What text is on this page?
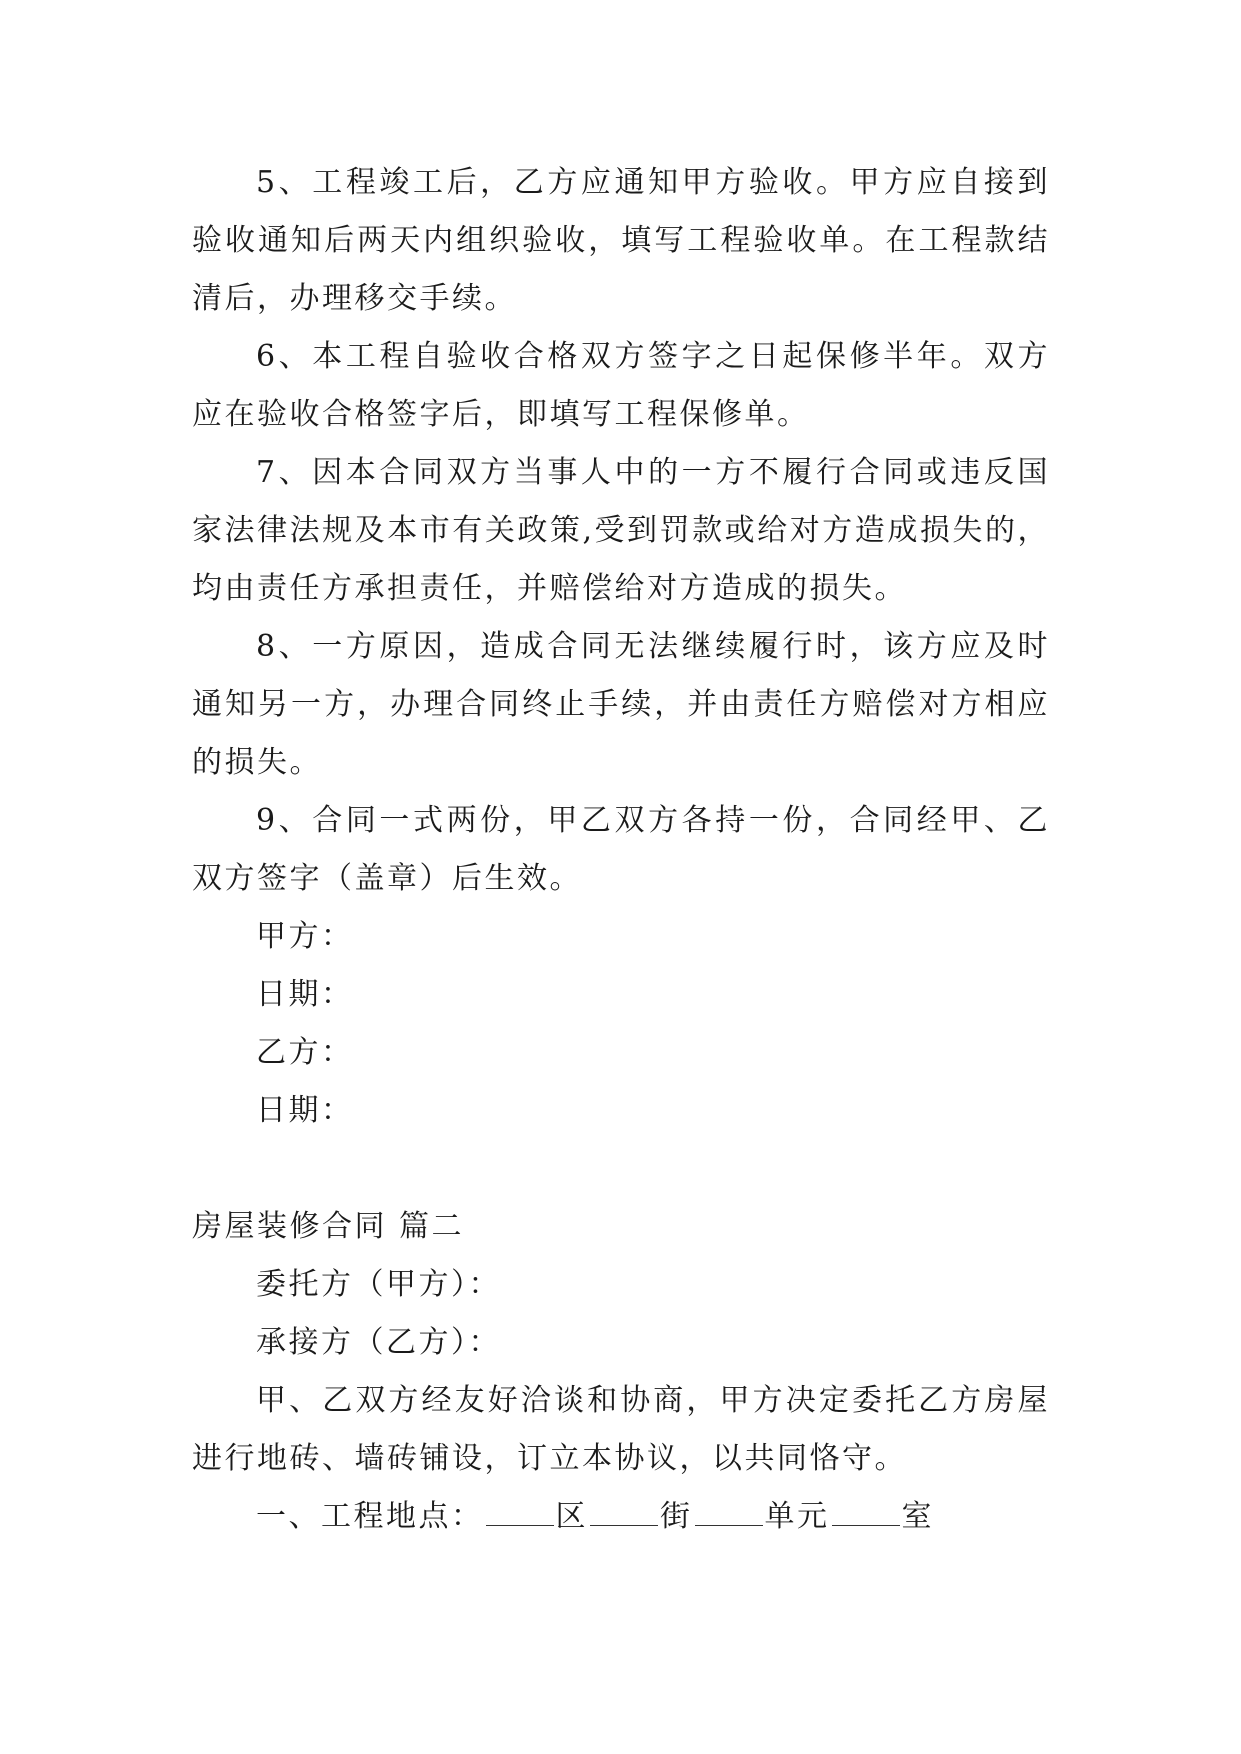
5、工程竣工后，乙方应通知甲方验收。甲方应自接到验收通知后两天内组织验收，填写工程验收单。在工程款结清后，办理移交手续。

6、本工程自验收合格双方签字之日起保修半年。双方应在验收合格签字后，即填写工程保修单。

7、因本合同双方当事人中的一方不履行合同或违反国家法律法规及本市有关政策,受到罚款或给对方造成损失的，均由责任方承担责任，并赔偿给对方造成的损失。

8、一方原因，造成合同无法继续履行时，该方应及时通知另一方，办理合同终止手续，并由责任方赔偿对方相应的损失。

9、合同一式两份，甲乙双方各持一份，合同经甲、乙双方签字（盖章）后生效。

甲方：

日期：

乙方：

日期：

房屋装修合同 篇二

委托方（甲方）：

承接方（乙方）：

甲、乙双方经友好洽谈和协商，甲方决定委托乙方房屋进行地砖、墙砖铺设，订立本协议，以共同恪守。

一、工程地点： 区 街 单元 室
